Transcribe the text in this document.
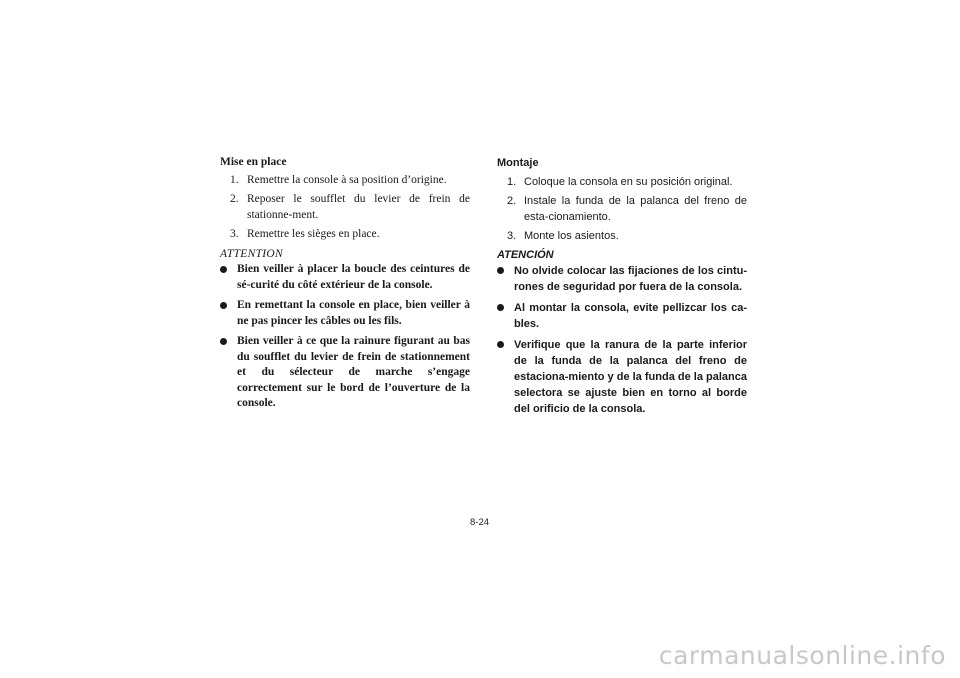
Mise en place

1. Remettre la console à sa position d’origine.
2. Reposer le soufflet du levier de frein de stationne-ment.
3. Remettre les sièges en place.

ATTENTION

Bien veiller à placer la boucle des ceintures de sé-curité du côté extérieur de la console.
En remettant la console en place, bien veiller à ne pas pincer les câbles ou les fils.
Bien veiller à ce que la rainure figurant au bas du soufflet du levier de frein de stationnement et du sélecteur de marche s’engage correctement sur le bord de l’ouverture de la console.

Montaje

1. Coloque la consola en su posición original.
2. Instale la funda de la palanca del freno de esta-cionamiento.
3. Monte los asientos.

ATENCIÓN

No olvide colocar las fijaciones de los cintu-rones de seguridad por fuera de la consola.
Al montar la consola, evite pellizcar los ca-bles.
Verifique que la ranura de la parte inferior de la funda de la palanca del freno de estaciona-miento y de la funda de la palanca selectora se ajuste bien en torno al borde del orificio de la consola.
8-24
carmanualsonline.info
